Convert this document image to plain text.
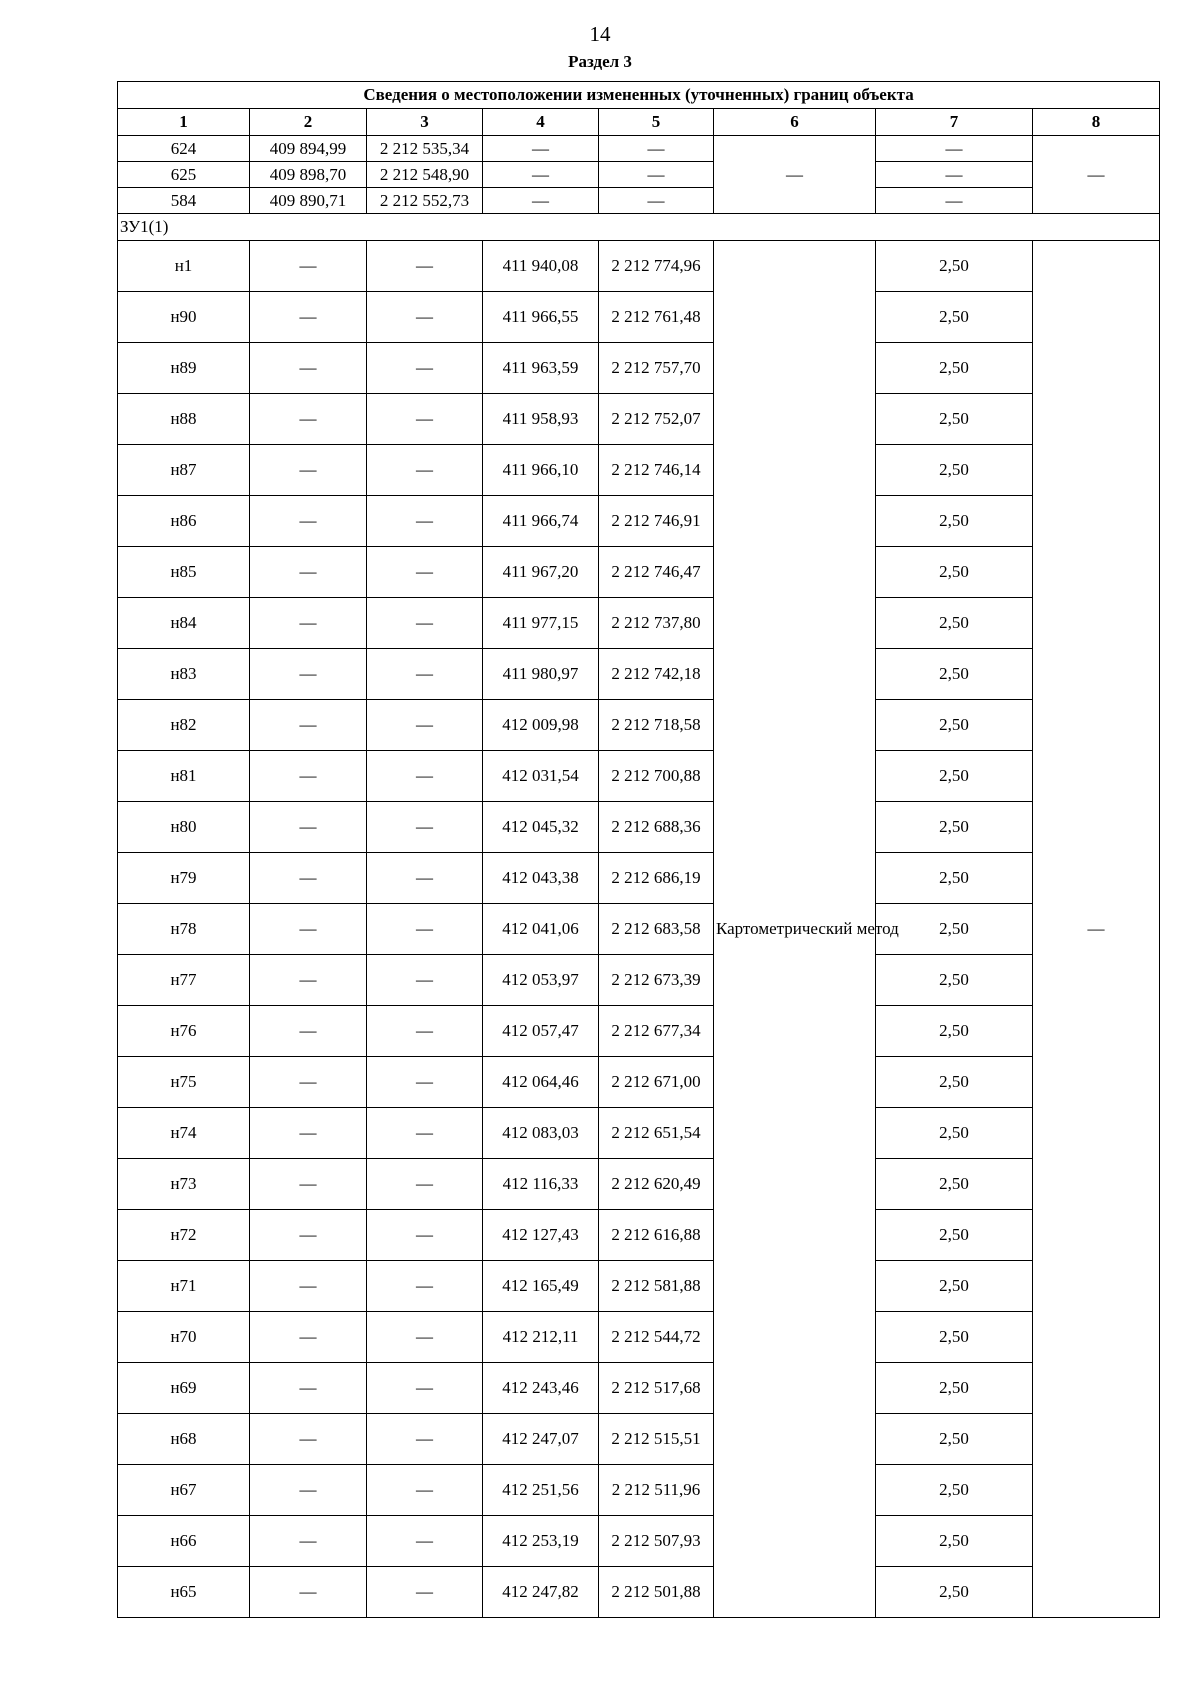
14
Раздел 3
Сведения о местоположении измененных (уточненных) границ объекта							
1	2	3	4	5	6	7	8
624	409 894,99	2 212 535,34	—	—	—	—	—
625	409 898,70	2 212 548,90	—	—		—	
584	409 890,71	2 212 552,73	—	—		—	
ЗУ1(1)							
н1	—	—	411 940,08	2 212 774,96	Картометрический метод	2,50	—
н90	—	—	411 966,55	2 212 761,48		2,50	
н89	—	—	411 963,59	2 212 757,70		2,50	
н88	—	—	411 958,93	2 212 752,07		2,50	
н87	—	—	411 966,10	2 212 746,14		2,50	
н86	—	—	411 966,74	2 212 746,91		2,50	
н85	—	—	411 967,20	2 212 746,47		2,50	
н84	—	—	411 977,15	2 212 737,80		2,50	
н83	—	—	411 980,97	2 212 742,18		2,50	
н82	—	—	412 009,98	2 212 718,58		2,50	
н81	—	—	412 031,54	2 212 700,88		2,50	
н80	—	—	412 045,32	2 212 688,36		2,50	
н79	—	—	412 043,38	2 212 686,19		2,50	
н78	—	—	412 041,06	2 212 683,58		2,50	
н77	—	—	412 053,97	2 212 673,39		2,50	
н76	—	—	412 057,47	2 212 677,34		2,50	
н75	—	—	412 064,46	2 212 671,00		2,50	
н74	—	—	412 083,03	2 212 651,54		2,50	
н73	—	—	412 116,33	2 212 620,49		2,50	
н72	—	—	412 127,43	2 212 616,88		2,50	
н71	—	—	412 165,49	2 212 581,88		2,50	
н70	—	—	412 212,11	2 212 544,72		2,50	
н69	—	—	412 243,46	2 212 517,68		2,50	
н68	—	—	412 247,07	2 212 515,51		2,50	
н67	—	—	412 251,56	2 212 511,96		2,50	
н66	—	—	412 253,19	2 212 507,93		2,50	
н65	—	—	412 247,82	2 212 501,88		2,50	
